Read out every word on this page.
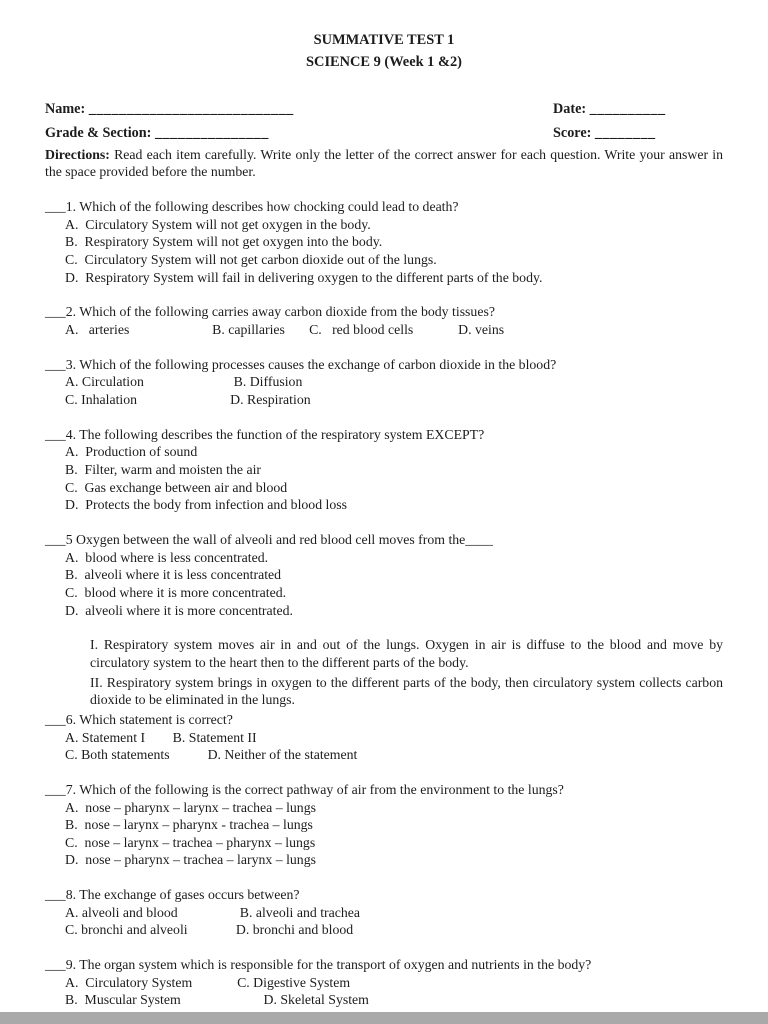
SUMMATIVE TEST 1
SCIENCE 9 (Week 1 &2)
Name: ___________________________	Date: __________
Grade & Section: _______________	Score: ________

Directions: Read each item carefully. Write only the letter of the correct answer for each question. Write your answer in the space provided before the number.

___1. Which of the following describes how chocking could lead to death?

A.  Circulatory System will not get oxygen in the body.

B.  Respiratory System will not get oxygen into the body.

C.  Circulatory System will not get carbon dioxide out of the lungs.

D.  Respiratory System will fail in delivering oxygen to the different parts of the body.

___2. Which of the following carries away carbon dioxide from the body tissues?

A.   arteries                        B. capillaries       C.   red blood cells             D. veins

___3. Which of the following processes causes the exchange of carbon dioxide in the blood?

A. Circulation                          B. Diffusion

C. Inhalation                           D. Respiration

___4. The following describes the function of the respiratory system EXCEPT?

A.  Production of sound

B.  Filter, warm and moisten the air

C.  Gas exchange between air and blood

D.  Protects the body from infection and blood loss

___5 Oxygen between the wall of alveoli and red blood cell moves from the____

A.  blood where is less concentrated.

B.  alveoli where it is less concentrated

C.  blood where it is more concentrated.

D.  alveoli where it is more concentrated.

I. Respiratory system moves air in and out of the lungs. Oxygen in air is diffuse to the blood and move by circulatory system to the heart then to the different parts of the body.

II. Respiratory system brings in oxygen to the different parts of the body, then circulatory system collects carbon dioxide to be eliminated in the lungs.

___6. Which statement is correct?

A. Statement I        B. Statement II

C. Both statements           D. Neither of the statement

___7. Which of the following is the correct pathway of air from the environment to the lungs?

A.  nose – pharynx – larynx – trachea – lungs

B.  nose – larynx – pharynx - trachea – lungs

C.  nose – larynx – trachea – pharynx – lungs

D.  nose – pharynx – trachea – larynx – lungs

___8. The exchange of gases occurs between?

A. alveoli and blood                  B. alveoli and trachea

C. bronchi and alveoli              D. bronchi and blood

___9. The organ system which is responsible for the transport of oxygen and nutrients in the body?

A.  Circulatory System             C. Digestive System

B.  Muscular System                        D. Skeletal System
